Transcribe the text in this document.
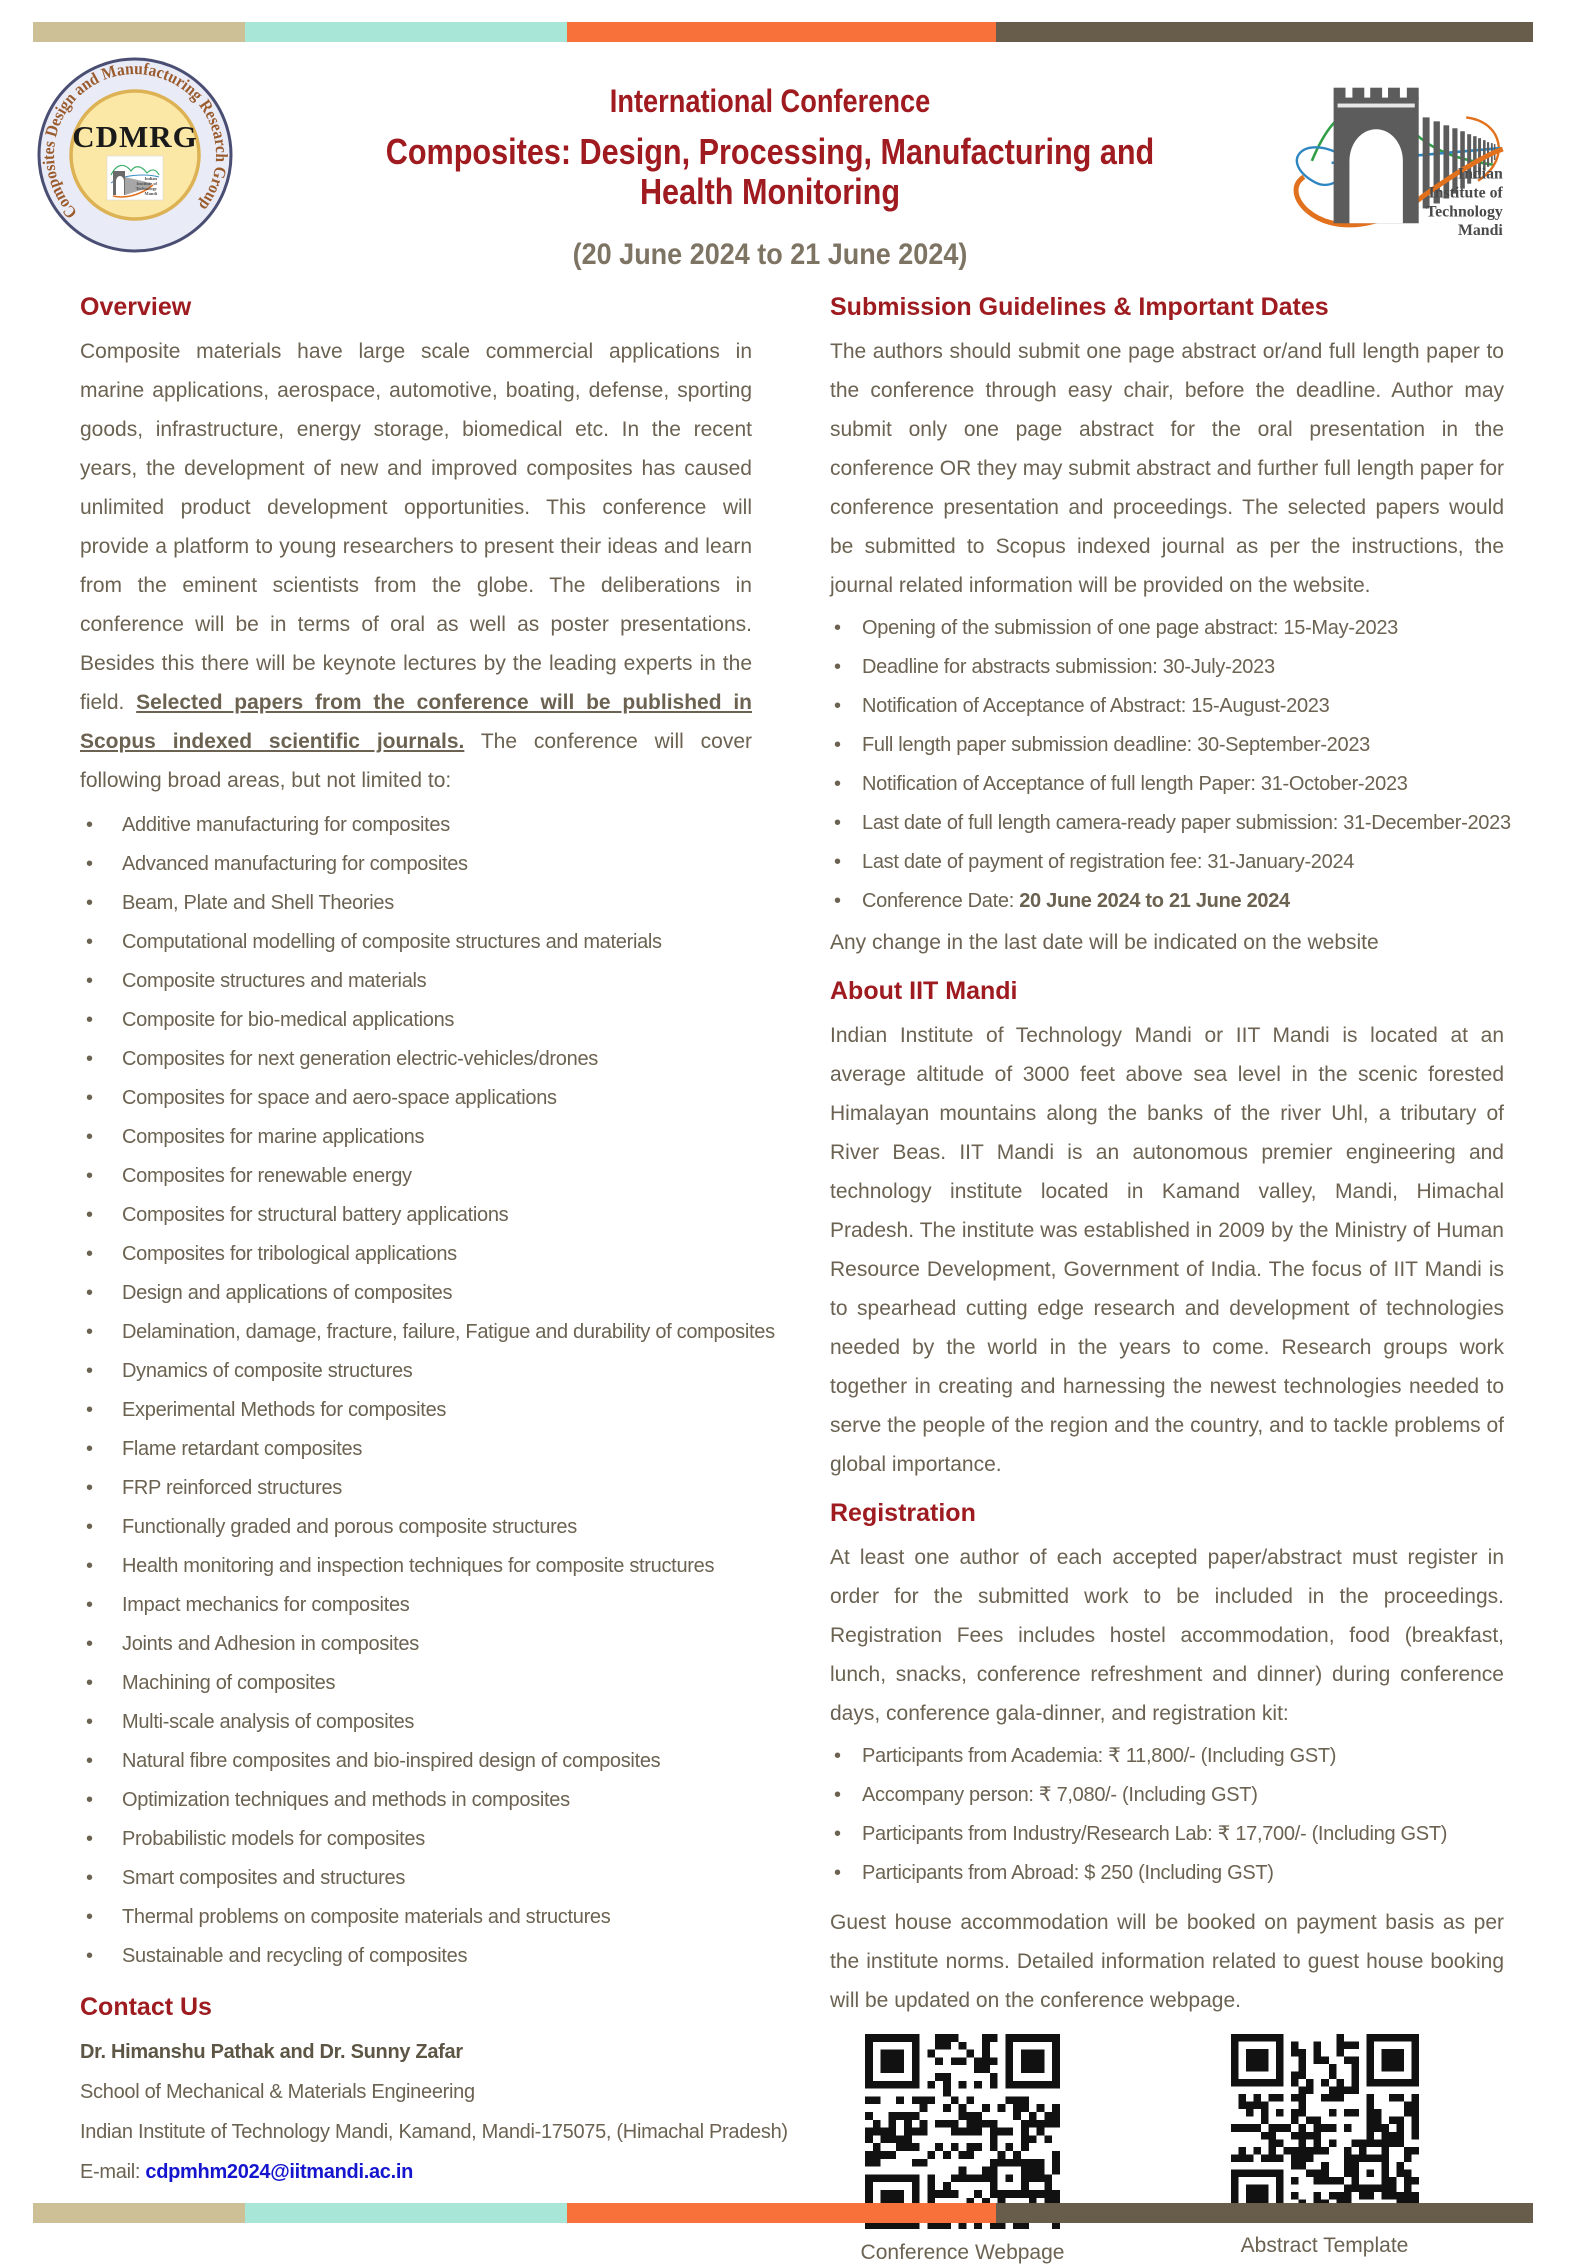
Composites Design and Manufacturing Research Group
CDMRG
Indian
Institute of
Technology
Mandi
International Conference
Composites: Design, Processing, Manufacturing and Health Monitoring
(20 June 2024 to 21 June 2024)
Indian
Institute of
Technology
Mandi
Overview

Composite materials have large scale commercial applications in marine applications, aerospace, automotive, boating, defense, sporting goods, infrastructure, energy storage, biomedical etc. In the recent years, the development of new and improved composites has caused unlimited product development opportunities. This conference will provide a platform to young researchers to present their ideas and learn from the eminent scientists from the globe. The deliberations in conference will be in terms of oral as well as poster presentations. Besides this there will be keynote lectures by the leading experts in the field. Selected papers from the conference will be published in Scopus indexed scientific journals. The conference will cover following broad areas, but not limited to:

• Additive manufacturing for composites
• Advanced manufacturing for composites
• Beam, Plate and Shell Theories
• Computational modelling of composite structures and materials
• Composite structures and materials
• Composite for bio-medical applications
• Composites for next generation electric-vehicles/drones
• Composites for space and aero-space applications
• Composites for marine applications
• Composites for renewable energy
• Composites for structural battery applications
• Composites for tribological applications
• Design and applications of composites
• Delamination, damage, fracture, failure, Fatigue and durability of composites
• Dynamics of composite structures
• Experimental Methods for composites
• Flame retardant composites
• FRP reinforced structures
• Functionally graded and porous composite structures
• Health monitoring and inspection techniques for composite structures
• Impact mechanics for composites
• Joints and Adhesion in composites
• Machining of composites
• Multi-scale analysis of composites
• Natural fibre composites and bio-inspired design of composites
• Optimization techniques and methods in composites
• Probabilistic models for composites
• Smart composites and structures
• Thermal problems on composite materials and structures
• Sustainable and recycling of composites
Contact Us
Dr. Himanshu Pathak and Dr. Sunny Zafar
School of Mechanical & Materials Engineering
Indian Institute of Technology Mandi, Kamand, Mandi-175075, (Himachal Pradesh)
E-mail: cdpmhm2024@iitmandi.ac.in
Submission Guidelines & Important Dates

The authors should submit one page abstract or/and full length paper to the conference through easy chair, before the deadline. Author may submit only one page abstract for the oral presentation in the conference OR they may submit abstract and further full length paper for conference presentation and proceedings. The selected papers would be submitted to Scopus indexed journal as per the instructions, the journal related information will be provided on the website.

• Opening of the submission of one page abstract: 15-May-2023
• Deadline for abstracts submission: 30-July-2023
• Notification of Acceptance of Abstract: 15-August-2023
• Full length paper submission deadline: 30-September-2023
• Notification of Acceptance of full length Paper: 31-October-2023
• Last date of full length camera-ready paper submission: 31-December-2023
• Last date of payment of registration fee: 31-January-2024
• Conference Date: 20 June 2024 to 21 June 2024
Any change in the last date will be indicated on the website
About IIT Mandi

Indian Institute of Technology Mandi or IIT Mandi is located at an average altitude of 3000 feet above sea level in the scenic forested Himalayan mountains along the banks of the river Uhl, a tributary of River Beas. IIT Mandi is an autonomous premier engineering and technology institute located in Kamand valley, Mandi, Himachal Pradesh. The institute was established in 2009 by the Ministry of Human Resource Development, Government of India. The focus of IIT Mandi is to spearhead cutting edge research and development of technologies needed by the world in the years to come. Research groups work together in creating and harnessing the newest technologies needed to serve the people of the region and the country, and to tackle problems of global importance.

Registration

At least one author of each accepted paper/abstract must register in order for the submitted work to be included in the proceedings. Registration Fees includes hostel accommodation, food (breakfast, lunch, snacks, conference refreshment and dinner) during conference days, conference gala-dinner, and registration kit:

• Participants from Academia: ₹ 11,800/- (Including GST)
• Accompany person: ₹ 7,080/- (Including GST)
• Participants from Industry/Research Lab: ₹ 17,700/- (Including GST)
• Participants from Abroad: $ 250 (Including GST)

Guest house accommodation will be booked on payment basis as per the institute norms. Detailed information related to guest house booking will be updated on the conference webpage.

Conference Webpage	Abstract Template
